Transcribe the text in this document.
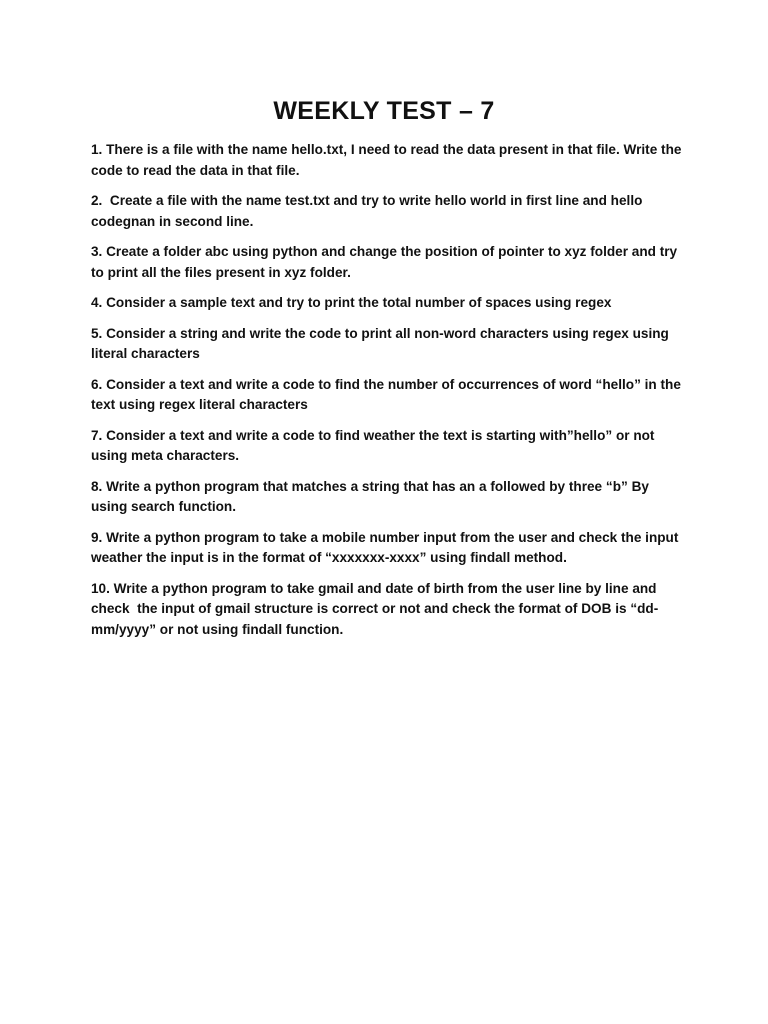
WEEKLY TEST – 7
1. There is a file with the name hello.txt, I need to read the data present in that file. Write the code to read the data in that file.
2.  Create a file with the name test.txt and try to write hello world in first line and hello codegnan in second line.
3. Create a folder abc using python and change the position of pointer to xyz folder and try to print all the files present in xyz folder.
4. Consider a sample text and try to print the total number of spaces using regex
5. Consider a string and write the code to print all non-word characters using regex using literal characters
6. Consider a text and write a code to find the number of occurrences of word “hello” in the text using regex literal characters
7. Consider a text and write a code to find weather the text is starting with”hello” or not using meta characters.
8. Write a python program that matches a string that has an a followed by three “b” By using search function.
9. Write a python program to take a mobile number input from the user and check the input weather the input is in the format of “xxxxxxx-xxxx” using findall method.
10. Write a python program to take gmail and date of birth from the user line by line and check  the input of gmail structure is correct or not and check the format of DOB is “dd-mm/yyyy” or not using findall function.
